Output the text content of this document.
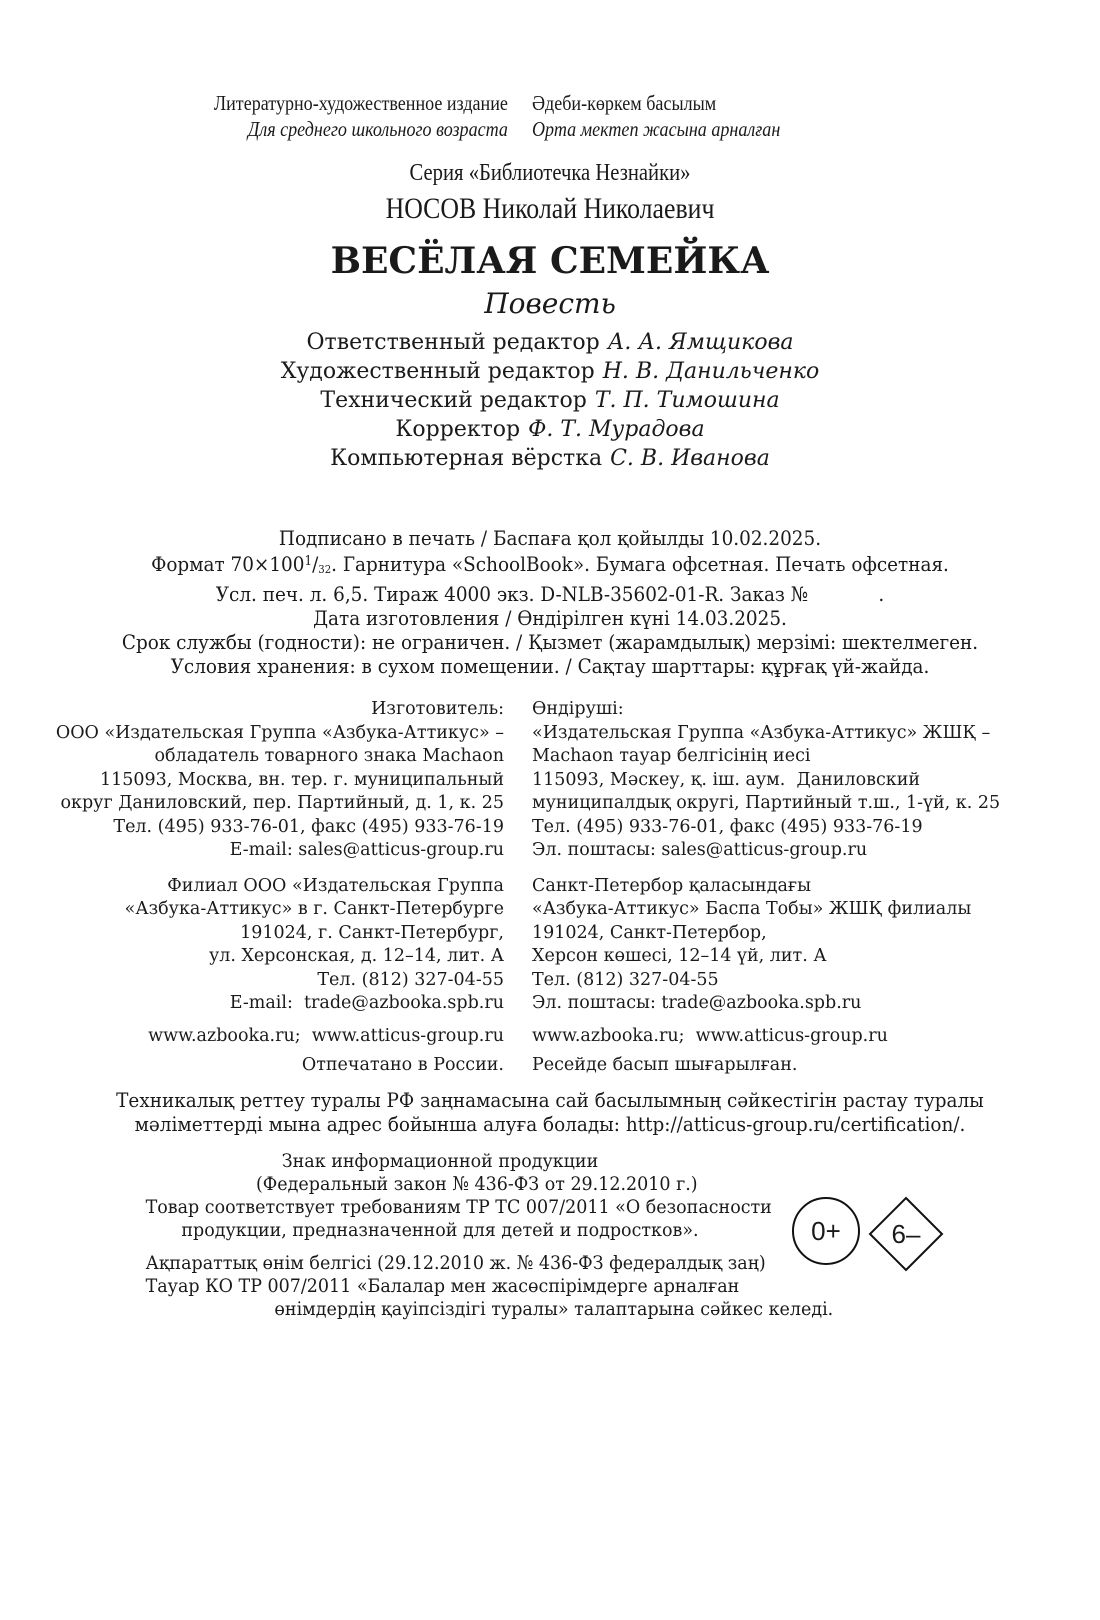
Литературно-художественное издание	Әдеби-көркем басылым
Для среднего школьного возраста	Орта мектеп жасына арналған
Серия «Библиотечка Незнайки»
НОСОВ Николай Николаевич
ВЕСЁЛАЯ СЕМЕЙКА
Повесть
Ответственный редактор А. А. Ямщикова
Художественный редактор Н. В. Данильченко
Технический редактор Т. П. Тимошина
Корректор Ф. Т. Мурадова
Компьютерная вёрстка С. В. Иванова
Подписано в печать / Баспаға қол қойылды 10.02.2025.
Формат $70\times 100^1/_{32}$. Гарнитура «SchoolBook». Бумага офсетная. Печать офсетная.
Усл. печ. л. 6,5. Тираж 4000 экз. D-NLB-35602-01-R. Заказ №            .
Дата изготовления / Өндірілген күні 14.03.2025.
Срок службы (годности): не ограничен. / Қызмет (жарамдылық) мерзімі: шектелмеген.
Условия хранения: в сухом помещении. / Сақтау шарттары: құрғақ үй-жайда.
Изготовитель:	Өндіруші:
ООО «Издательская Группа «Азбука-Аттикус» –	«Издательская Группа «Азбука-Аттикус» ЖШҚ –
обладатель товарного знака Machaon	Machaon тауар белгісінің иесі
115093, Москва, вн. тер. г. муниципальный	115093, Мәскеу, қ. іш. аум.  Даниловский
округ Даниловский, пер. Партийный, д. 1, к. 25	муниципалдық округі, Партийный т.ш., 1-үй, к. 25
Тел. (495) 933-76-01, факс (495) 933-76-19	Тел. (495) 933-76-01, факс (495) 933-76-19
E-mail: sales@atticus-group.ru	Эл. поштасы: sales@atticus-group.ru
Филиал ООО «Издательская Группа	Санкт-Петербор қаласындағы
«Азбука-Аттикус» в г. Санкт-Петербурге	«Азбука-Аттикус» Баспа Тобы» ЖШҚ филиалы
191024, г. Санкт-Петербург,	191024, Санкт-Петербор,
ул. Херсонская, д. 12–14, лит. А	Херсон көшесі, 12–14 үй, лит. А
Тел. (812) 327-04-55	Тел. (812) 327-04-55
E-mail:  trade@azbooka.spb.ru	Эл. поштасы: trade@azbooka.spb.ru
www.azbooka.ru;  www.atticus-group.ru	www.azbooka.ru;  www.atticus-group.ru
Отпечатано в России.	Ресейде басып шығарылған.
Техникалық реттеу туралы РФ заңнамасына сай басылымның сәйкестігін растау туралы
мәліметтерді мына адрес бойынша алуға болады: http://atticus-group.ru/certification/.
Знак информационной продукции
(Федеральный закон № 436-ФЗ от 29.12.2010 г.)
Товар соответствует требованиям ТР ТС 007/2011 «О безопасности
продукции, предназначенной для детей и подростков».
Ақпараттық өнім белгісі (29.12.2010 ж. № 436-ФЗ федералдық заң)
Тауар КО ТР 007/2011 «Балалар мен жасөспірімдерге арналған
өнімдердің қауіпсіздігі туралы» талаптарына сәйкес келеді.
0+	6–
